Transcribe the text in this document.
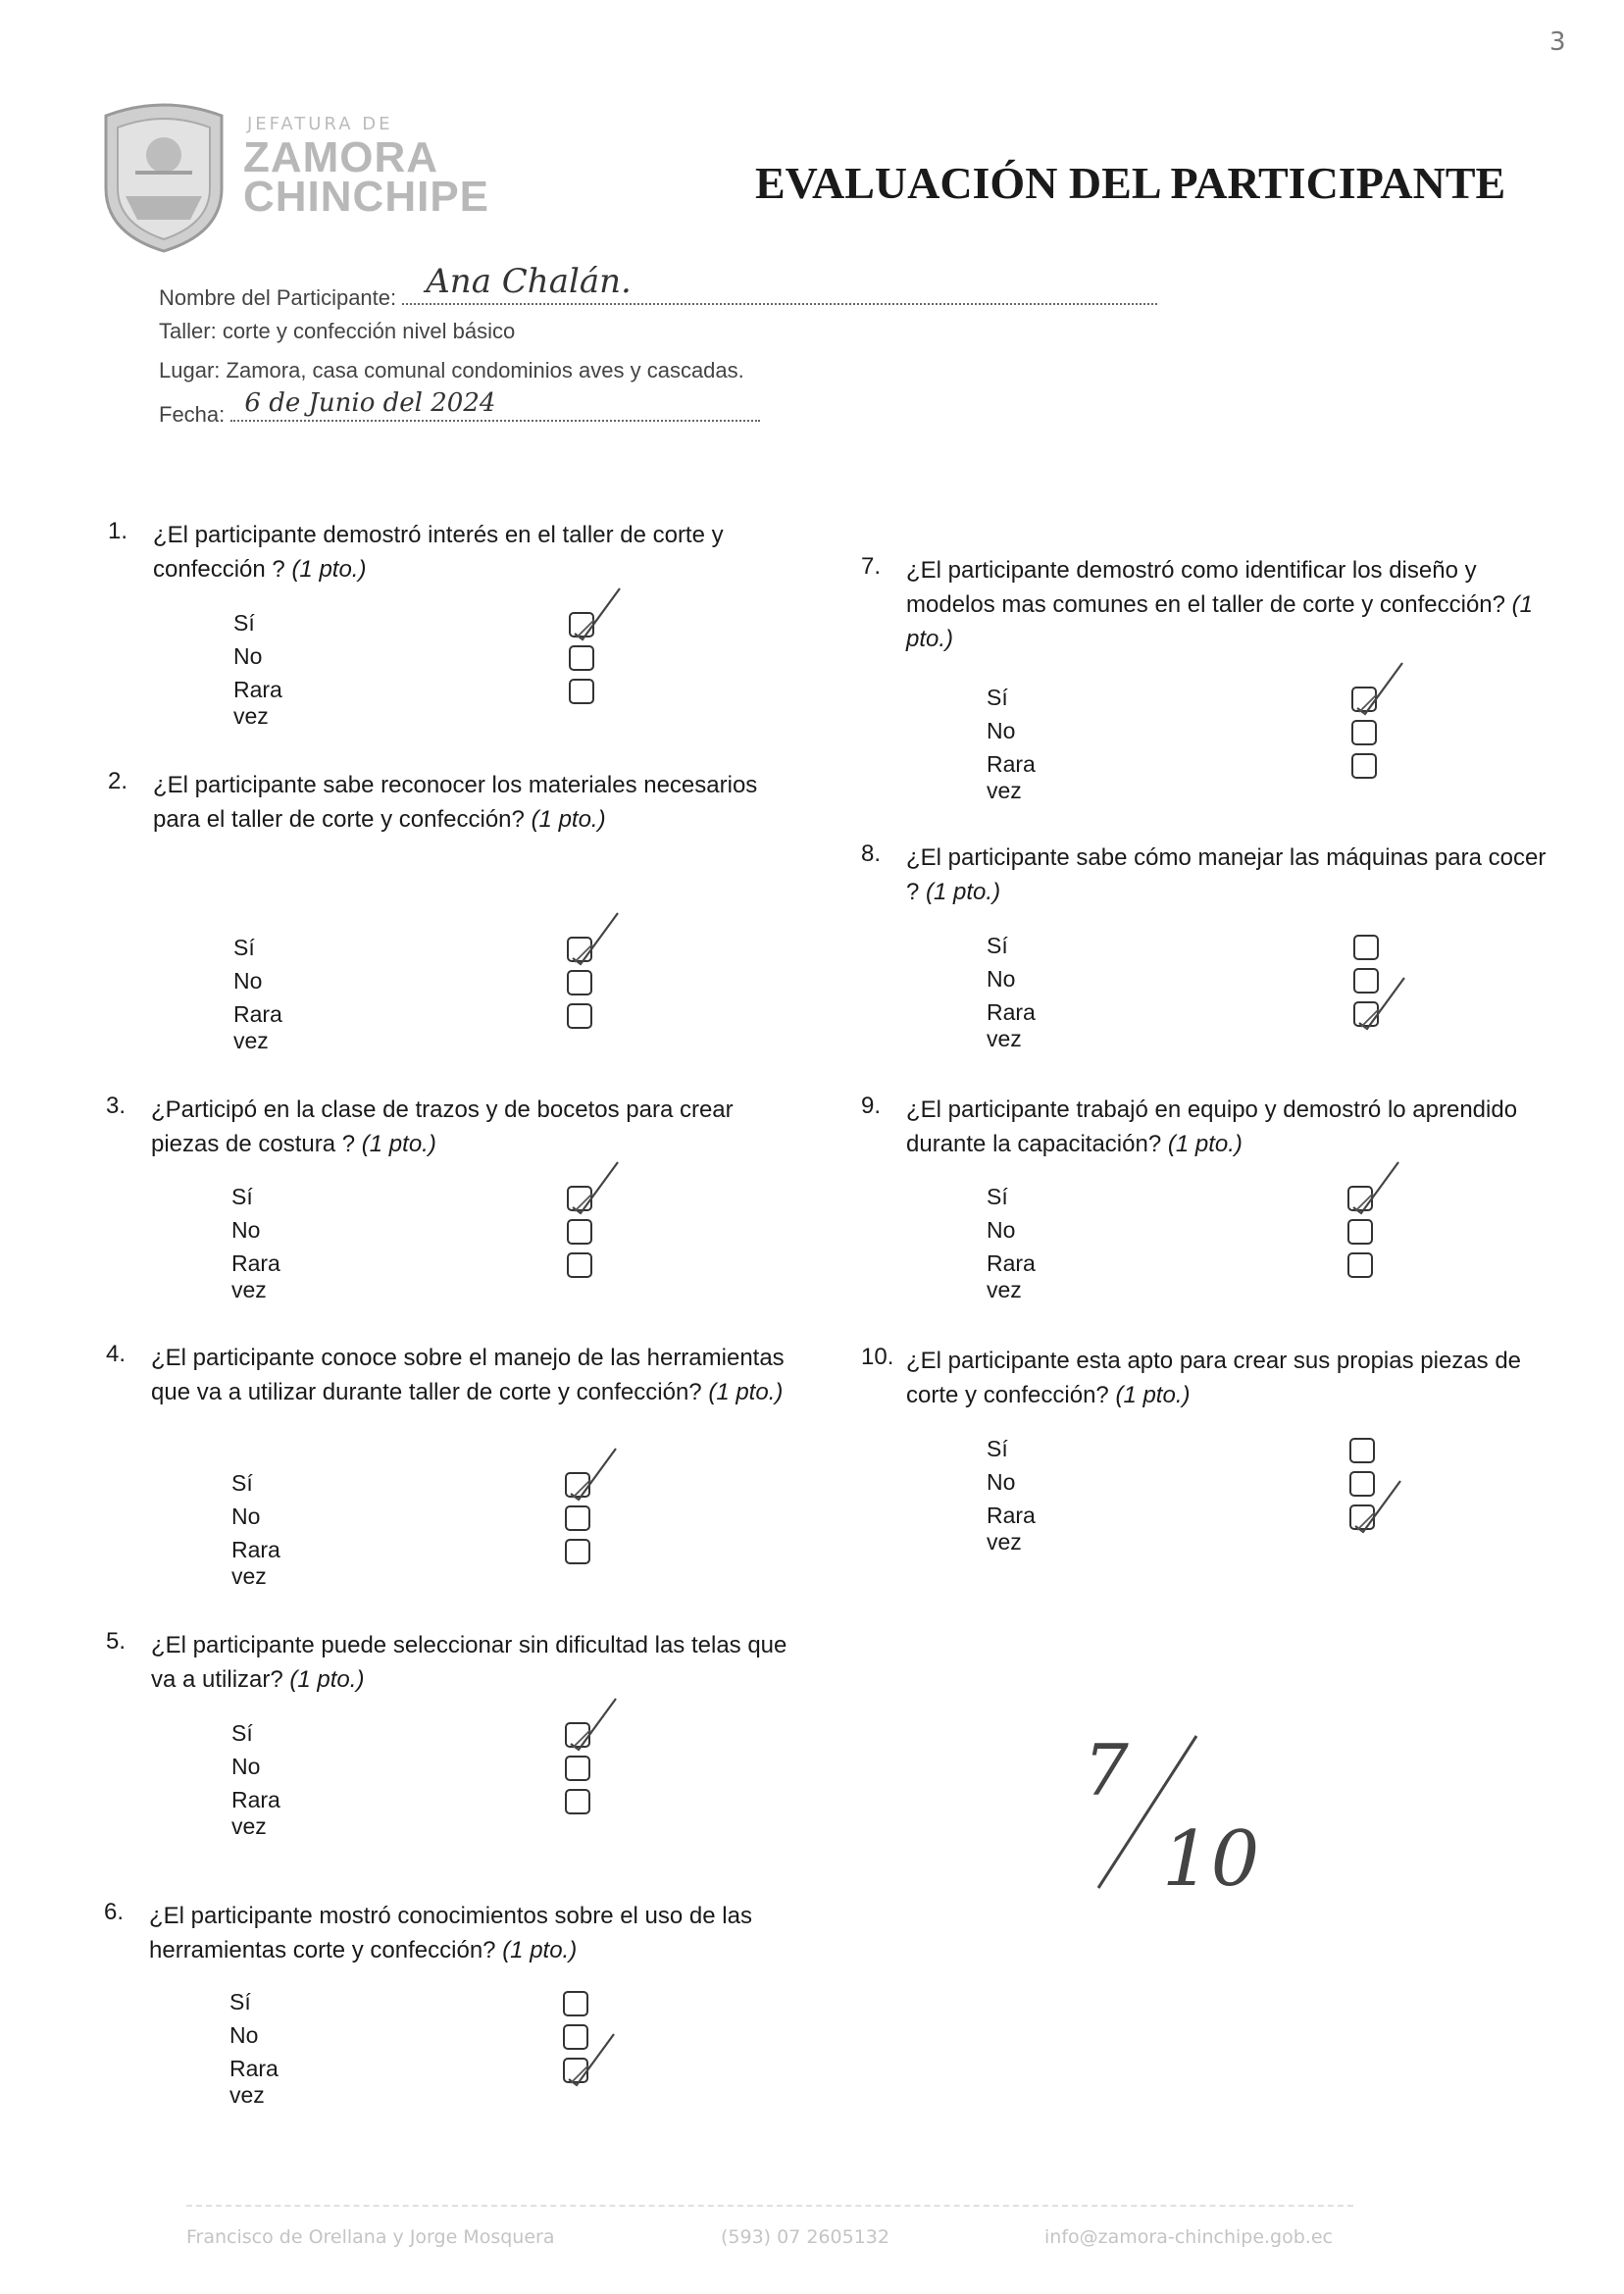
3
JEFATURA DE
ZAMORA
CHINCHIPE	EVALUACIÓN DEL PARTICIPANTE
Nombre del Participante: Ana Chalán.
Taller: corte y confección nivel básico
Lugar: Zamora, casa comunal condominios aves y cascadas.
Fecha: 6 de Junio del 2024
1. ¿El participante demostró interés en el taller de corte y confección ? (1 pto.)
Sí
No
Rara vez
2. ¿El participante sabe reconocer los materiales necesarios para el taller de corte y confección? (1 pto.)
Sí
No
Rara vez
3. ¿Participó en la clase de trazos y de bocetos para crear piezas de costura ? (1 pto.)
Sí
No
Rara vez
4. ¿El participante conoce sobre el manejo de las herramientas que va a utilizar durante taller de corte y confección? (1 pto.)
Sí
No
Rara vez
5. ¿El participante puede seleccionar sin dificultad las telas que va a utilizar? (1 pto.)
Sí
No
Rara vez
6. ¿El participante mostró conocimientos sobre el uso de las herramientas corte y confección? (1 pto.)
Sí
No
Rara vez
7. ¿El participante demostró como identificar los diseño y modelos mas comunes en el taller de corte y confección? (1 pto.)
Sí
No
Rara vez
8. ¿El participante sabe cómo manejar las máquinas para cocer ? (1 pto.)
Sí
No
Rara vez
9. ¿El participante trabajó en equipo y demostró lo aprendido durante la capacitación? (1 pto.)
Sí
No
Rara vez
10. ¿El participante esta apto para crear sus propias piezas de corte y confección? (1 pto.)
Sí
No
Rara vez
7
10
Francisco de Orellana y Jorge Mosquera	(593) 07 2605132	info@zamora-chinchipe.gob.ec
